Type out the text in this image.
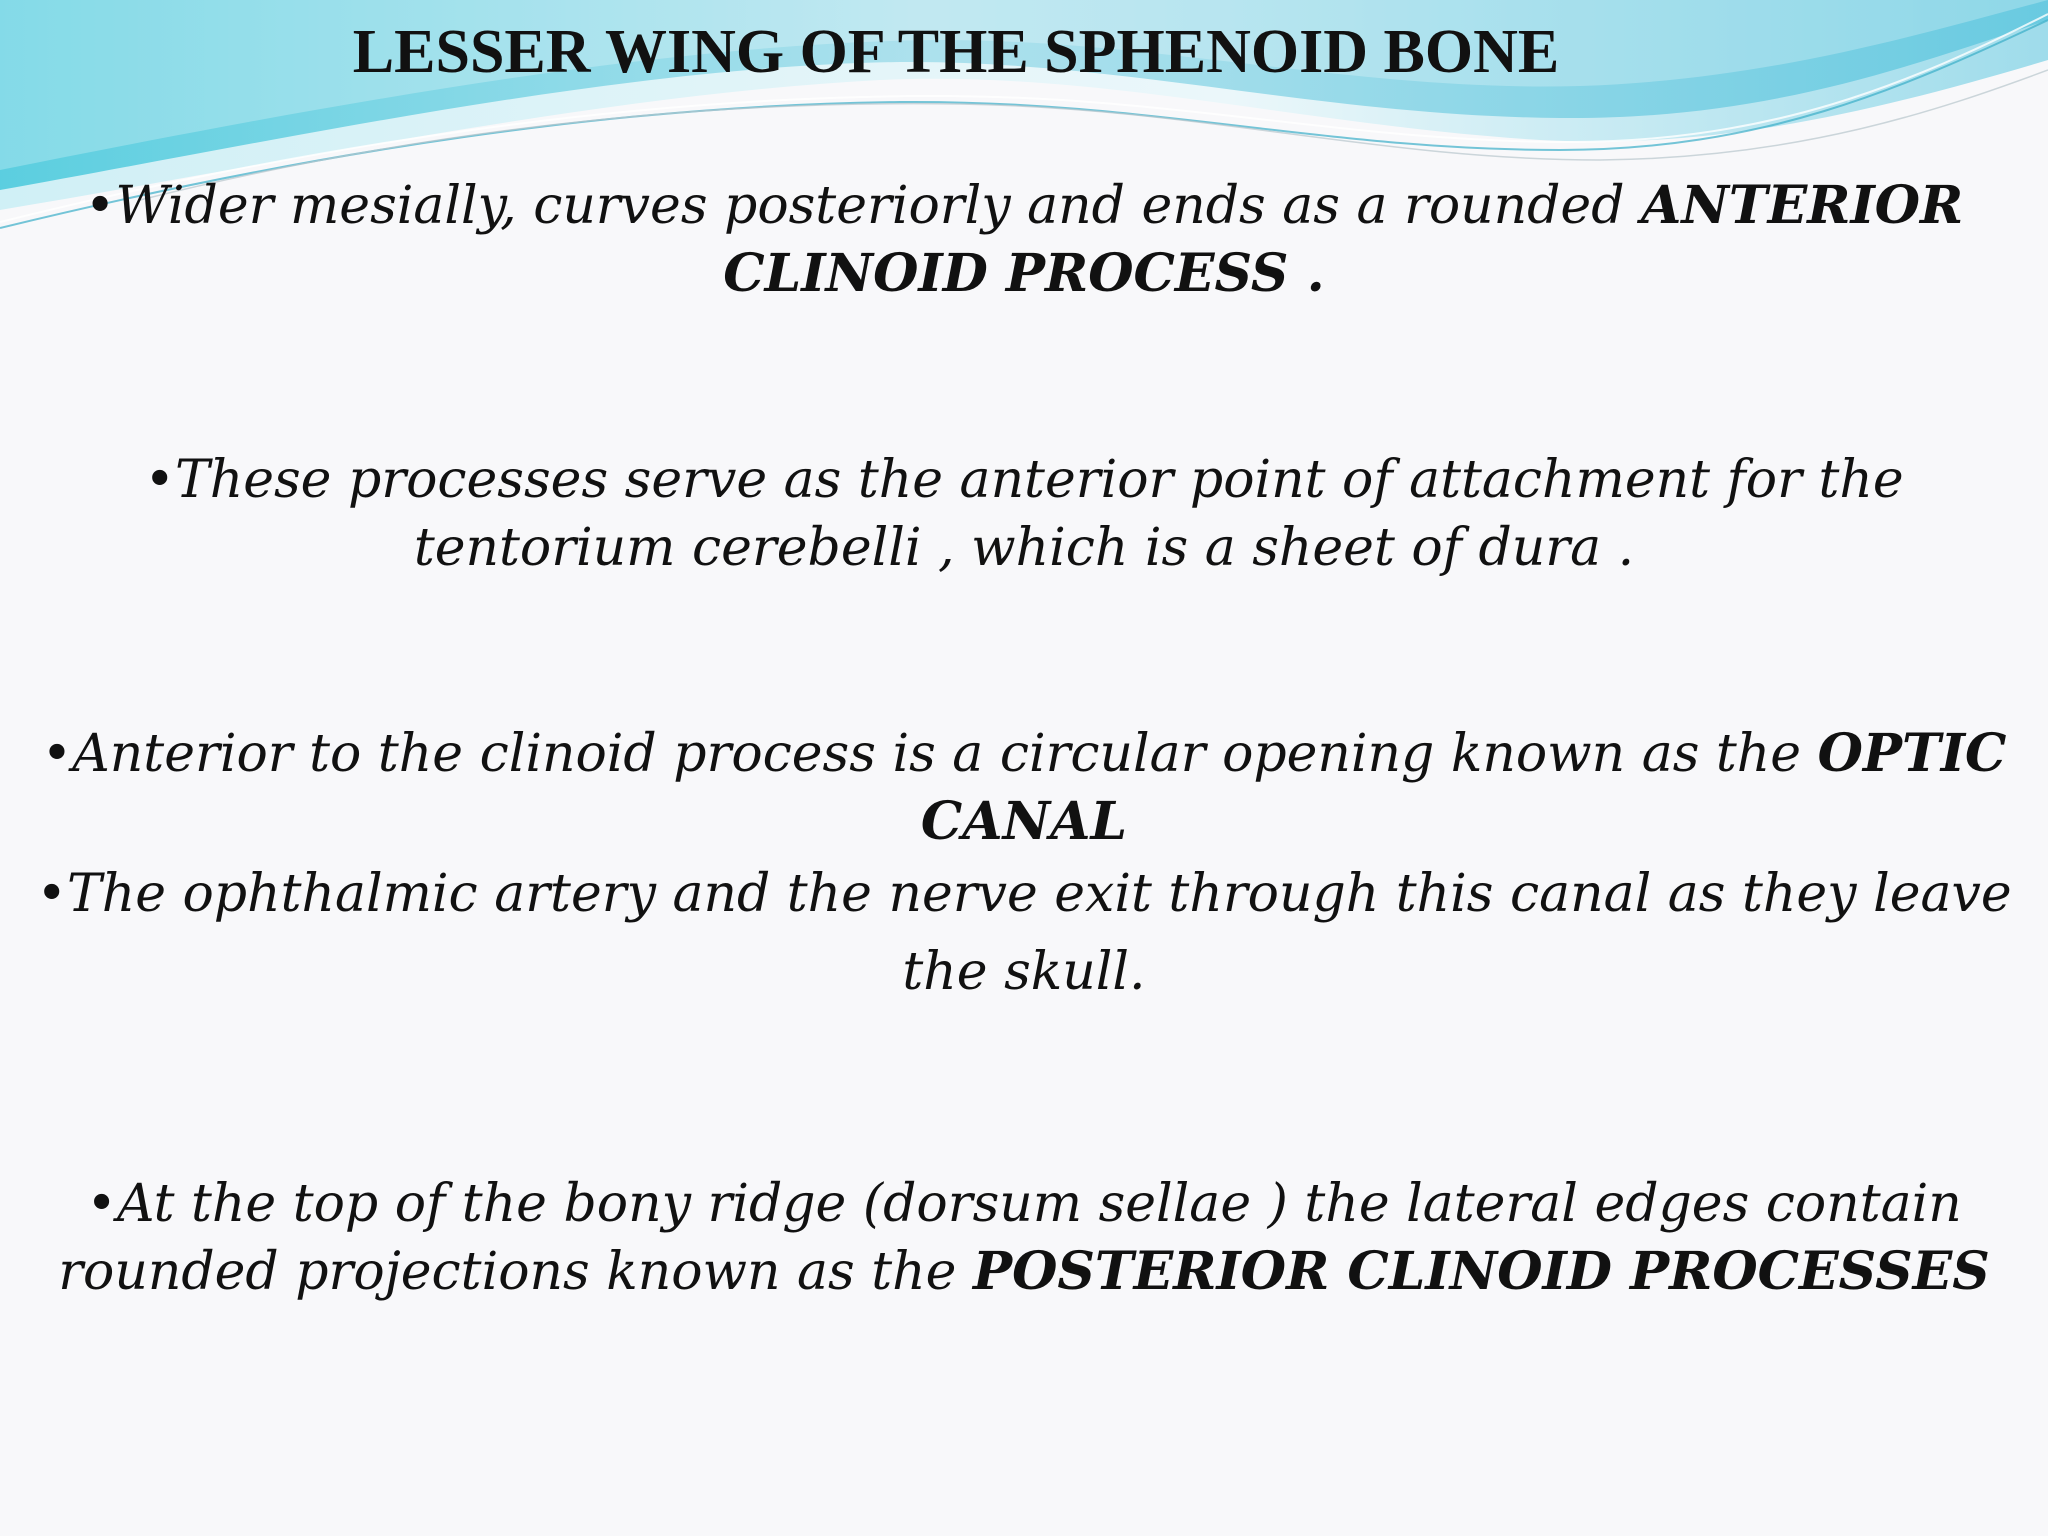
LESSER WING OF THE SPHENOID BONE

•Wider mesially, curves posteriorly and ends as a rounded ANTERIOR CLINOID PROCESS .

•These processes serve as the anterior point of attachment for the tentorium cerebelli , which is a sheet of dura .

•Anterior to the clinoid process is a circular opening known as the OPTIC CANAL

•The ophthalmic artery and the nerve exit through this canal as they leave the skull.

•At the top of the bony ridge (dorsum sellae ) the lateral edges contain rounded projections known as the POSTERIOR CLINOID PROCESSES
